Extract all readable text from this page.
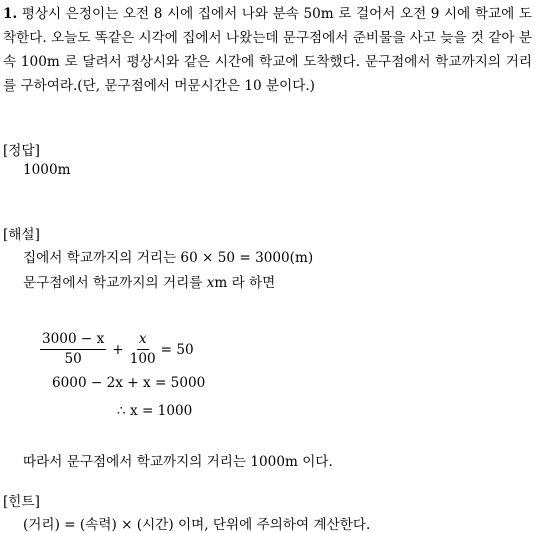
1. 평상시 은정이는 오전 8 시에 집에서 나와 분속 50m 로 걸어서 오전 9 시에 학교에 도착한다. 오늘도 똑같은 시각에 집에서 나왔는데 문구점에서 준비물을 사고 늦을 것 같아 분속 100m 로 달려서 평상시와 같은 시간에 학교에 도착했다. 문구점에서 학교까지의 거리를 구하여라.(단, 문구점에서 머문시간은 10 분이다.)
[정답]
1000m
[해설]
집에서 학교까지의 거리는 60 × 50 = 3000(m)
문구점에서 학교까지의 거리를 xm 라 하면
$\frac{3000 - x}{50} + \frac{x}{100} = 50$
6000 − 2x + x = 5000
∴ x = 1000
따라서 문구점에서 학교까지의 거리는 1000m 이다.
[힌트]
(거리) = (속력) × (시간) 이며, 단위에 주의하여 계산한다.
